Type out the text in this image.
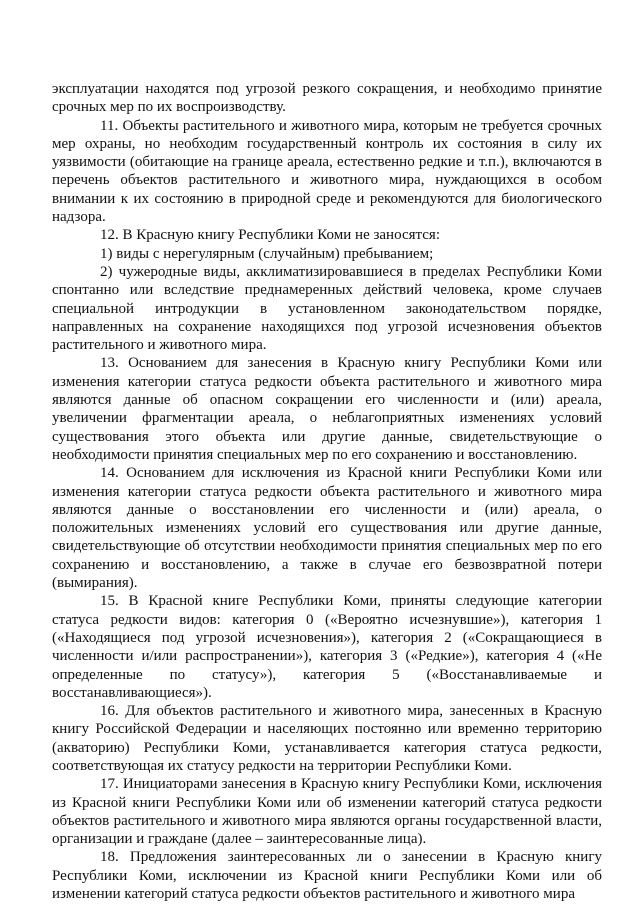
эксплуатации находятся под угрозой резкого сокращения, и необходимо принятие срочных мер по их воспроизводству.

11. Объекты растительного и животного мира, которым не требуется срочных мер охраны, но необходим государственный контроль их состояния в силу их уязвимости (обитающие на границе ареала, естественно редкие и т.п.), включаются в перечень объектов растительного и животного мира, нуждающихся в особом внимании к их состоянию в природной среде и рекомендуются для биологического надзора.

12. В Красную книгу Республики Коми не заносятся:

1) виды с нерегулярным (случайным) пребыванием;

2) чужеродные виды, акклиматизировавшиеся в пределах Республики Коми спонтанно или вследствие преднамеренных действий человека, кроме случаев специальной интродукции в установленном законодательством порядке, направленных на сохранение находящихся под угрозой исчезновения объектов растительного и животного мира.

13. Основанием для занесения в Красную книгу Республики Коми или изменения категории статуса редкости объекта растительного и животного мира являются данные об опасном сокращении его численности и (или) ареала, увеличении фрагментации ареала, о неблагоприятных изменениях условий существования этого объекта или другие данные, свидетельствующие о необходимости принятия специальных мер по его сохранению и восстановлению.

14. Основанием для исключения из Красной книги Республики Коми или изменения категории статуса редкости объекта растительного и животного мира являются данные о восстановлении его численности и (или) ареала, о положительных изменениях условий его существования или другие данные, свидетельствующие об отсутствии необходимости принятия специальных мер по его сохранению и восстановлению, а также в случае его безвозвратной потери (вымирания).

15. В Красной книге Республики Коми, приняты следующие категории статуса редкости видов: категория 0 («Вероятно исчезнувшие»), категория 1 («Находящиеся под угрозой исчезновения»), категория 2 («Сокращающиеся в численности и/или распространении»), категория 3 («Редкие»), категория 4 («Не определенные по статусу»), категория 5 («Восстанавливаемые и восстанавливающиеся»).

16. Для объектов растительного и животного мира, занесенных в Красную книгу Российской Федерации и населяющих постоянно или временно территорию (акваторию) Республики Коми, устанавливается категория статуса редкости, соответствующая их статусу редкости на территории Республики Коми.

17. Инициаторами занесения в Красную книгу Республики Коми, исключения из Красной книги Республики Коми или об изменении категорий статуса редкости объектов растительного и животного мира являются органы государственной власти, организации и граждане (далее – заинтересованные лица).

18. Предложения заинтересованных ли о занесении в Красную книгу Республики Коми, исключении из Красной книги Республики Коми или об изменении категорий статуса редкости объектов растительного и животного мира
